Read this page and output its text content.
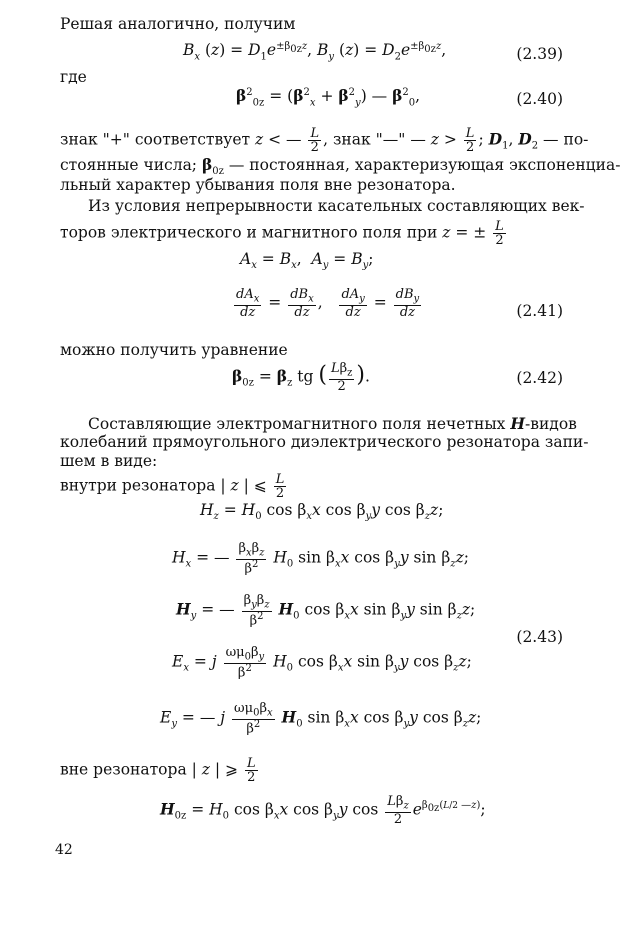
Решая аналогично, получим
$B_x$ $(z) = D_1e^{\pm\beta_{0z}z}$, $B_y$ $(z) = D_2e^{\pm\beta_{0z}z}$,	(2.39)
где
$\beta^2_{0z} = (\beta^2_x + \beta^2_y)$ — $\beta^2_0$,	(2.40)
знак "+" соответствует z < — $\frac{L}{2}$ , знак "—" — $z > \frac{L}{2}$ ; $D_1$, $D_2$ — по-
стоянные числа; $\beta_{0z}$ — постоянная, характеризующая экспоненциа-
льный характер убывания поля вне резонатора.
Из условия непрерывности касательных составляющих век-
торов электрического и магнитного поля при z = ± $\frac{L}{2}$
$A_x = B_x$,  $A_y = B_y$;
$\frac{dA_x}{dz} = \frac{dB_x}{dz}$ , $\frac{dA_y}{dz} = \frac{dB_y}{dz}$	(2.41)
можно получить уравнение
$\beta_{0z} = \beta_z$ tg ( $\frac{L\beta_z}{2}$ ).	(2.42)
Составляющие электромагнитного поля нечетных H-видов
колебаний прямоугольного диэлектрического резонатора запи-
шем в виде:
внутри резонатора | z | ⩽ $\frac{L}{2}$
$H_z = H_0$ $\cos \beta_xx$ $\cos \beta_yy$ $\cos \beta_zz$;
$H_x$ = — $\frac{\beta_x\beta_z}{\beta^2} H_0$ $\sin \beta_xx$ $\cos \beta_yy$ $\sin \beta_zz$;
$H_y$ = — $\frac{\beta_y\beta_z}{\beta^2} H_0$ $\cos \beta_xx$ $\sin \beta_yy$ $\sin \beta_zz$;
(2.43)
$E_x = j \frac{\omega\mu_0\beta_y}{\beta^2} H_0$ $\cos \beta_xx$ $\sin \beta_yy$ $\cos \beta_zz$;
$E_y$ = — j $\frac{\omega\mu_0\beta_x}{\beta^2} H_0$ $\sin \beta_xx$ $\cos \beta_yy$ $\cos \beta_zz$;
вне резонатора | z | ⩾ $\frac{L}{2}$
$H_{0z} = H_0$ $\cos \beta_xx$ $\cos \beta_yy$ $\cos \frac{L\beta_z}{2} e^{\beta_{0z}(L/2 —z)}$;
42
